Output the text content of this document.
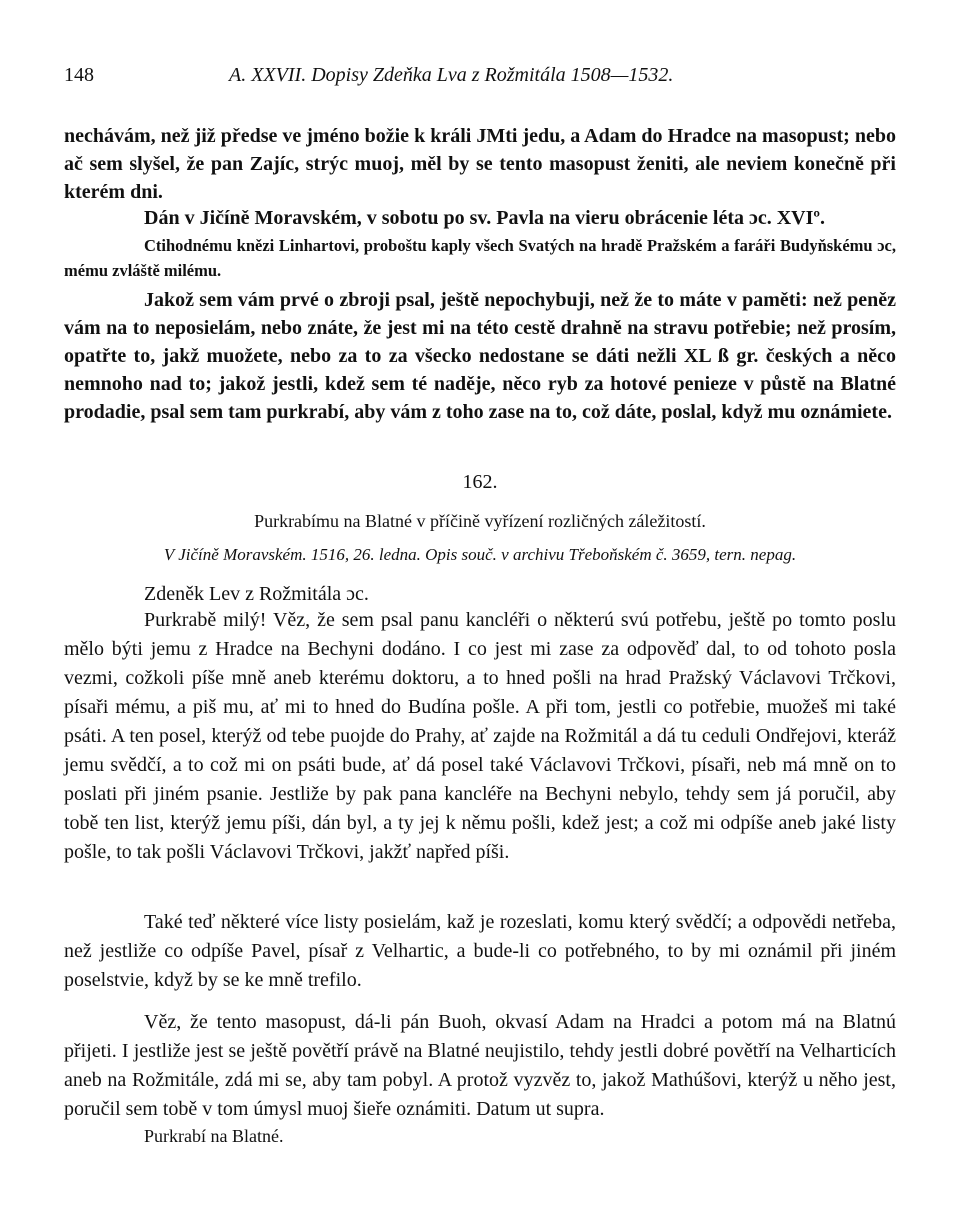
148	A. XXVII. Dopisy Zdeňka Lva z Rožmitála 1508—1532.
nechávám, než již předse ve jméno božie k králi JMti jedu, a Adam do Hradce na masopust; nebo ač sem slyšel, že pan Zajíc, strýc muoj, měl by se tento masopust ženiti, ale neviem konečně při kterém dni.
Dán v Jičíně Moravském, v sobotu po sv. Pavla na vieru obrácenie léta ɔc. XVIº.
Ctihodnému knězi Linhartovi, proboštu kaply všech Svatých na hradě Pražském a faráři Budyňskému ɔc, mému zvláště milému.
Jakož sem vám prvé o zbroji psal, ještě nepochybuji, než že to máte v paměti: než peněz vám na to neposielám, nebo znáte, že jest mi na této cestě drahně na stravu potřebie; než prosím, opatřte to, jakž muožete, nebo za to za všecko nedostane se dáti nežli XL ß gr. českých a něco nemnoho nad to; jakož jestli, kdež sem té naděje, něco ryb za hotové penieze v půstě na Blatné prodadie, psal sem tam purkrabí, aby vám z toho zase na to, což dáte, poslal, když mu oznámiete.
162.
Purkrabímu na Blatné v příčině vyřízení rozličných záležitostí.
V Jičíně Moravském. 1516, 26. ledna. Opis souč. v archivu Třeboňském č. 3659, tern. nepag.
Zdeněk Lev z Rožmitála ɔc.
Purkrabě milý! Věz, že sem psal panu kancléři o některú svú potřebu, ještě po tomto poslu mělo býti jemu z Hradce na Bechyni dodáno. I co jest mi zase za odpověď dal, to od tohoto posla vezmi, cožkoli píše mně aneb kterému doktoru, a to hned pošli na hrad Pražský Václavovi Trčkovi, písaři mému, a piš mu, ať mi to hned do Budína pošle. A při tom, jestli co potřebie, muožeš mi také psáti. A ten posel, kterýž od tebe puojde do Prahy, ať zajde na Rožmitál a dá tu ceduli Ondřejovi, kteráž jemu svědčí, a to což mi on psáti bude, ať dá posel také Václavovi Trčkovi, písaři, neb má mně on to poslati při jiném psanie. Jestliže by pak pana kancléře na Bechyni nebylo, tehdy sem já poručil, aby tobě ten list, kterýž jemu píši, dán byl, a ty jej k němu pošli, kdež jest; a což mi odpíše aneb jaké listy pošle, to tak pošli Václavovi Trčkovi, jakžť napřed píši.
Také teď některé více listy posielám, kaž je rozeslati, komu který svědčí; a odpovědi netřeba, než jestliže co odpíše Pavel, písař z Velhartic, a bude-li co potřebného, to by mi oznámil při jiném poselstvie, když by se ke mně trefilo.
Věz, že tento masopust, dá-li pán Buoh, okvasí Adam na Hradci a potom má na Blatnú přijeti. I jestliže jest se ještě povětří právě na Blatné neujistilo, tehdy jestli dobré povětří na Velharticích aneb na Rožmitále, zdá mi se, aby tam pobyl. A protož vyzvěz to, jakož Mathúšovi, kterýž u něho jest, poručil sem tobě v tom úmysl muoj šieře oznámiti. Datum ut supra.
Purkrabí na Blatné.
